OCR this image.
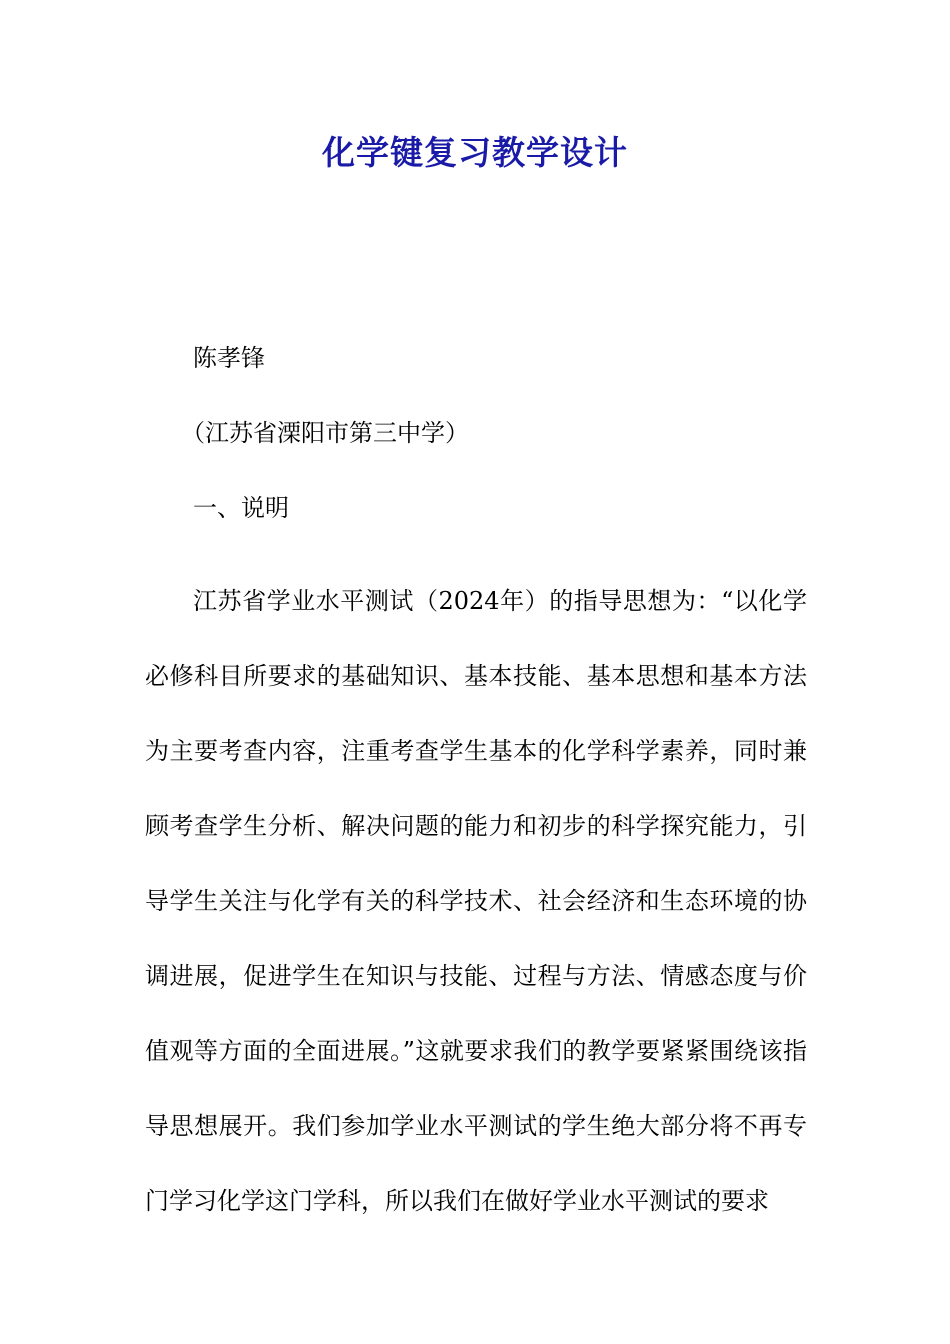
化学键复习教学设计
陈孝锋
（江苏省溧阳市第三中学）
一、说明

江苏省学业水平测试（2024年）的指导思想为：“以化学必修科目所要求的基础知识、基本技能、基本思想和基本方法为主要考查内容，注重考查学生基本的化学科学素养，同时兼顾考查学生分析、解决问题的能力和初步的科学探究能力，引导学生关注与化学有关的科学技术、社会经济和生态环境的协调进展，促进学生在知识与技能、过程与方法、情感态度与价值观等方面的全面进展。”这就要求我们的教学要紧紧围绕该指导思想展开。我们参加学业水平测试的学生绝大部分将不再专门学习化学这门学科，所以我们在做好学业水平测试的要求
